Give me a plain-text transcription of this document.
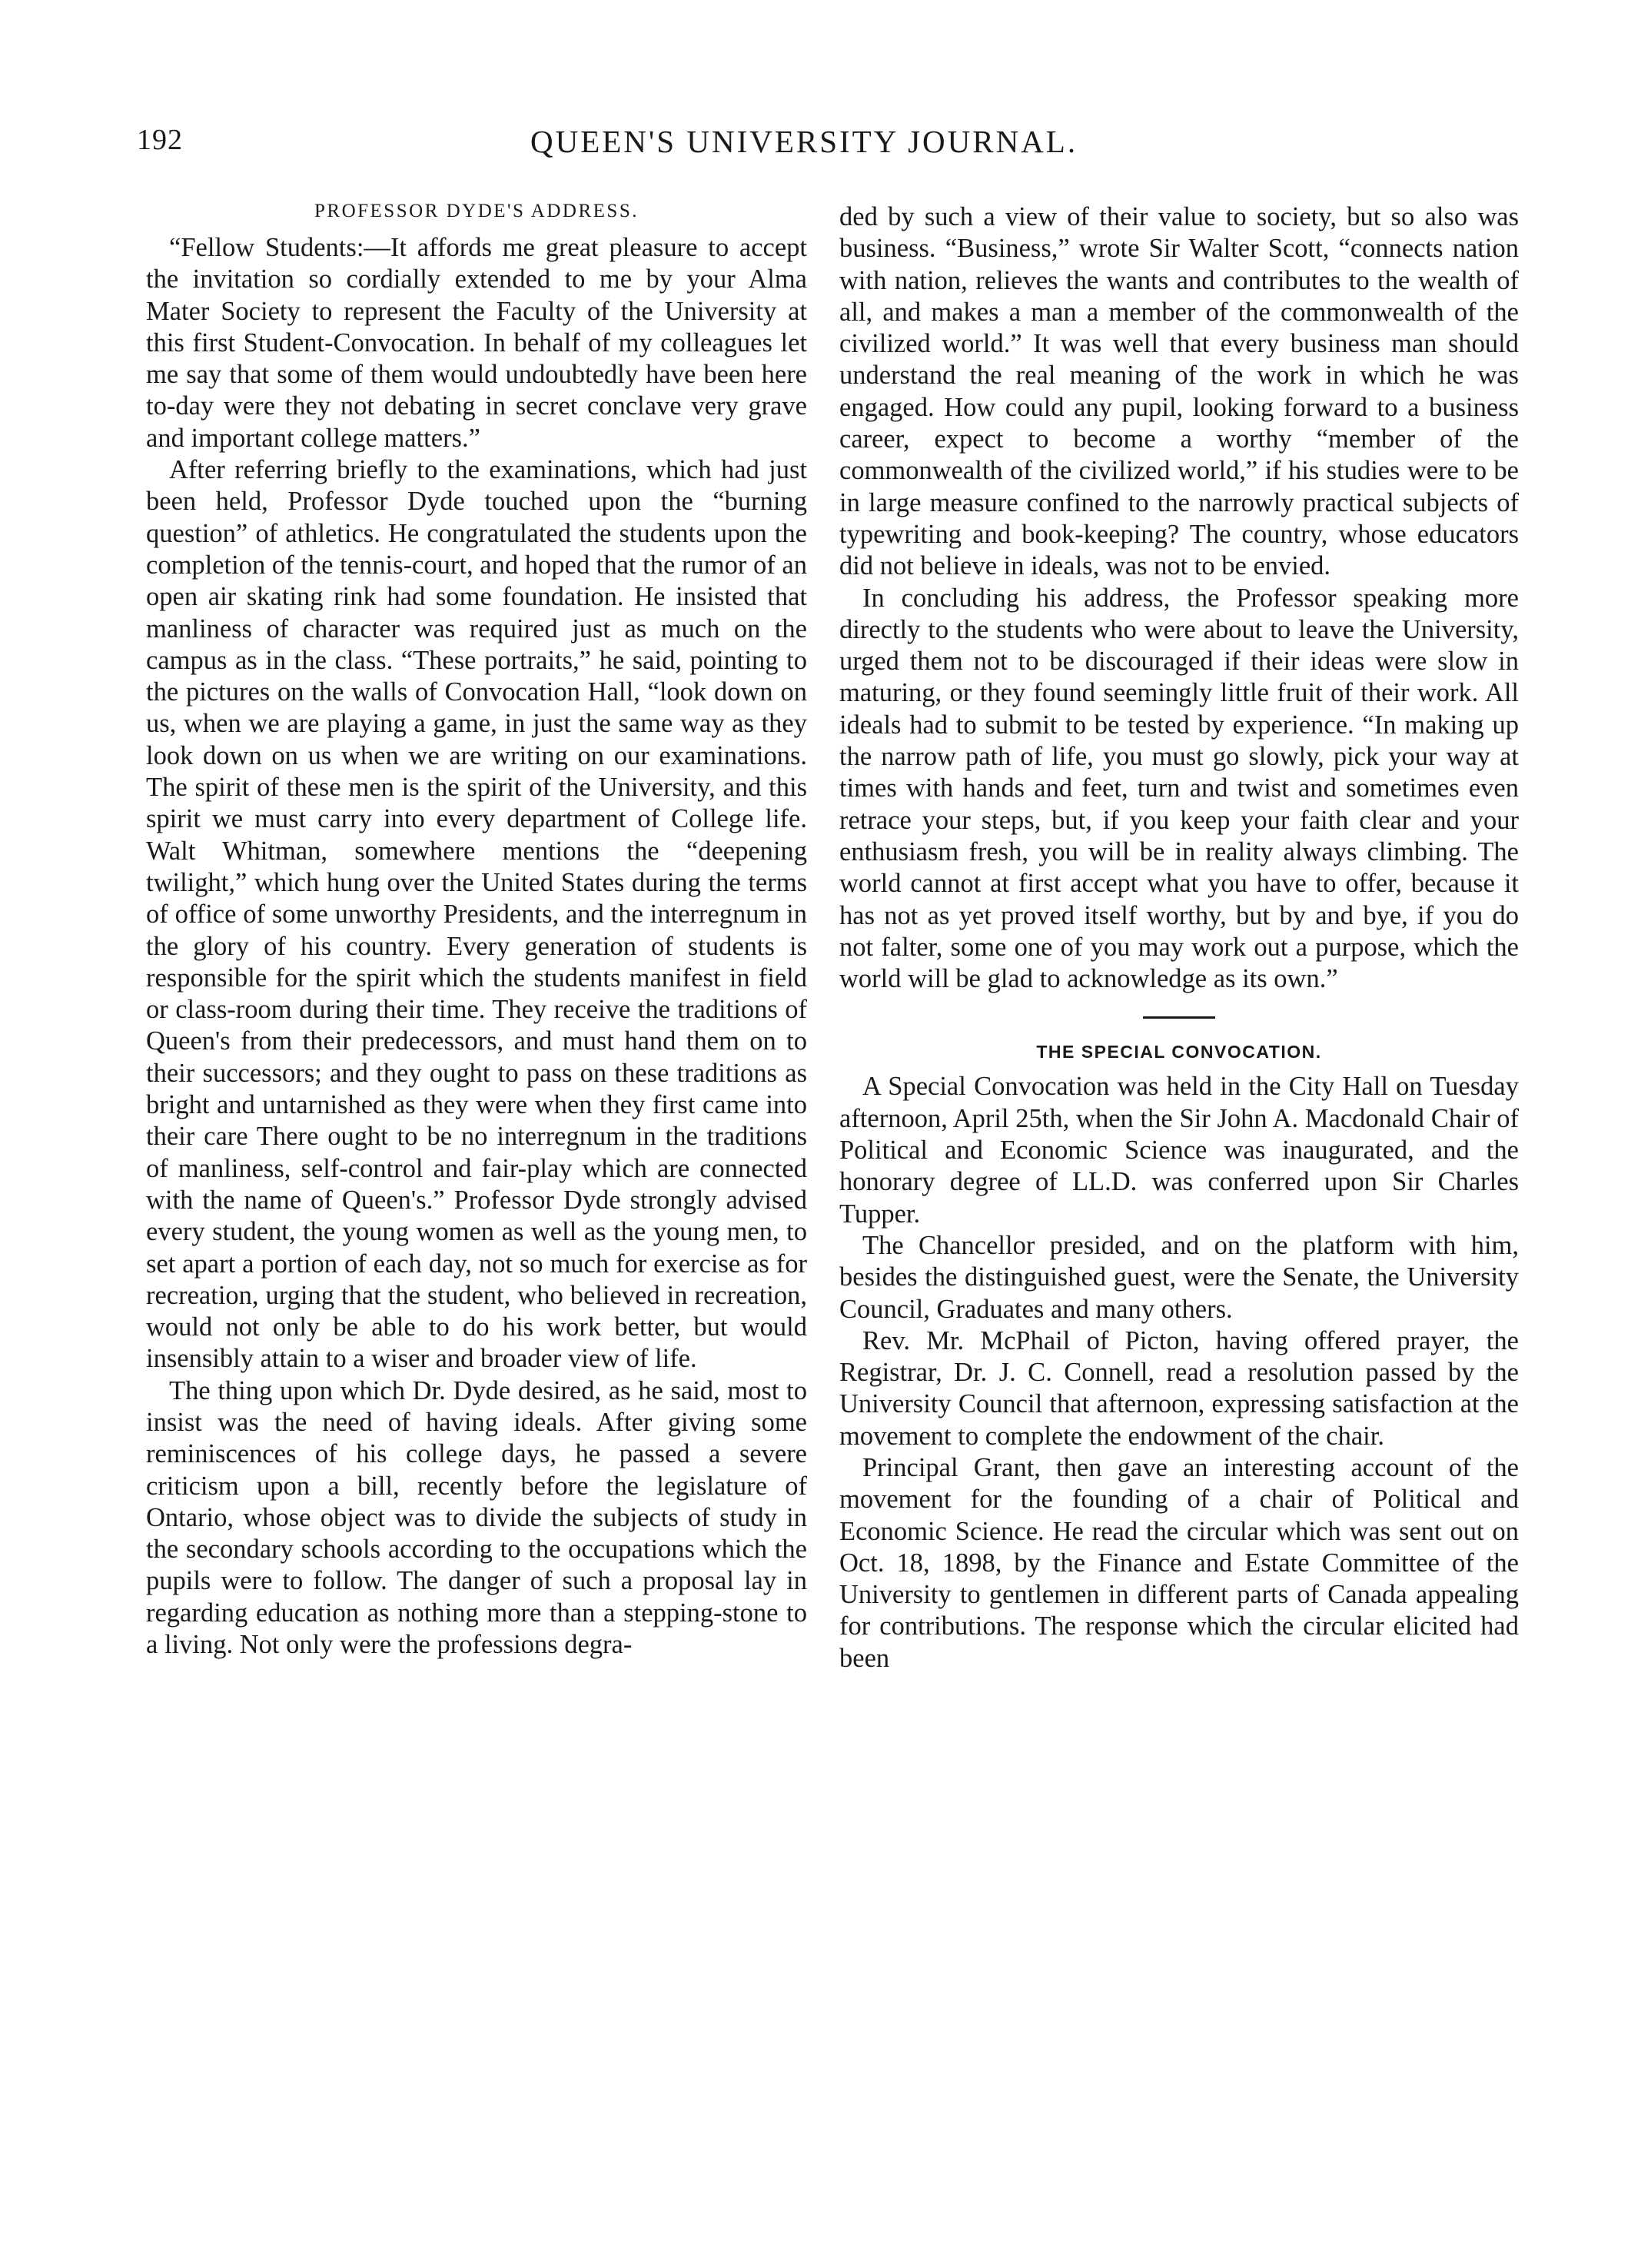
192	QUEEN'S UNIVERSITY JOURNAL.
PROFESSOR DYDE'S ADDRESS.

“Fellow Students:—It affords me great pleasure to accept the invitation so cordially extended to me by your Alma Mater Society to represent the Faculty of the University at this first Student-Convocation. In behalf of my colleagues let me say that some of them would undoubtedly have been here to-day were they not debating in secret conclave very grave and important college matters.”

After referring briefly to the examinations, which had just been held, Professor Dyde touched upon the “burning question” of athletics. He congratulated the students upon the completion of the tennis-court, and hoped that the rumor of an open air skating rink had some foundation. He insisted that manliness of character was required just as much on the campus as in the class. “These portraits,” he said, pointing to the pictures on the walls of Convocation Hall, “look down on us, when we are playing a game, in just the same way as they look down on us when we are writing on our examinations. The spirit of these men is the spirit of the University, and this spirit we must carry into every department of College life. Walt Whitman, somewhere mentions the “deepening twilight,” which hung over the United States during the terms of office of some unworthy Presidents, and the interregnum in the glory of his country. Every generation of students is responsible for the spirit which the students manifest in field or class-room during their time. They receive the traditions of Queen's from their predecessors, and must hand them on to their successors; and they ought to pass on these traditions as bright and untarnished as they were when they first came into their care There ought to be no interregnum in the traditions of manliness, self-control and fair-play which are connected with the name of Queen's.” Professor Dyde strongly advised every student, the young women as well as the young men, to set apart a portion of each day, not so much for exercise as for recreation, urging that the student, who believed in recreation, would not only be able to do his work better, but would insensibly attain to a wiser and broader view of life.

The thing upon which Dr. Dyde desired, as he said, most to insist was the need of having ideals. After giving some reminiscences of his college days, he passed a severe criticism upon a bill, recently before the legislature of Ontario, whose object was to divide the subjects of study in the secondary schools according to the occupations which the pupils were to follow. The danger of such a proposal lay in regarding education as nothing more than a stepping-stone to a living. Not only were the professions degra-

ded by such a view of their value to society, but so also was business. “Business,” wrote Sir Walter Scott, “connects nation with nation, relieves the wants and contributes to the wealth of all, and makes a man a member of the commonwealth of the civilized world.” It was well that every business man should understand the real meaning of the work in which he was engaged. How could any pupil, looking forward to a business career, expect to become a worthy “member of the commonwealth of the civilized world,” if his studies were to be in large measure confined to the narrowly practical subjects of typewriting and book-keeping? The country, whose educators did not believe in ideals, was not to be envied.

In concluding his address, the Professor speaking more directly to the students who were about to leave the University, urged them not to be discouraged if their ideas were slow in maturing, or they found seemingly little fruit of their work. All ideals had to submit to be tested by experience. “In making up the narrow path of life, you must go slowly, pick your way at times with hands and feet, turn and twist and sometimes even retrace your steps, but, if you keep your faith clear and your enthusiasm fresh, you will be in reality always climbing. The world cannot at first accept what you have to offer, because it has not as yet proved itself worthy, but by and bye, if you do not falter, some one of you may work out a purpose, which the world will be glad to acknowledge as its own.”

THE SPECIAL CONVOCATION.

A Special Convocation was held in the City Hall on Tuesday afternoon, April 25th, when the Sir John A. Macdonald Chair of Political and Economic Science was inaugurated, and the honorary degree of LL.D. was conferred upon Sir Charles Tupper.

The Chancellor presided, and on the platform with him, besides the distinguished guest, were the Senate, the University Council, Graduates and many others.

Rev. Mr. McPhail of Picton, having offered prayer, the Registrar, Dr. J. C. Connell, read a resolution passed by the University Council that afternoon, expressing satisfaction at the movement to complete the endowment of the chair.

Principal Grant, then gave an interesting account of the movement for the founding of a chair of Political and Economic Science. He read the circular which was sent out on Oct. 18, 1898, by the Finance and Estate Committee of the University to gentlemen in different parts of Canada appealing for contributions. The response which the circular elicited had been
